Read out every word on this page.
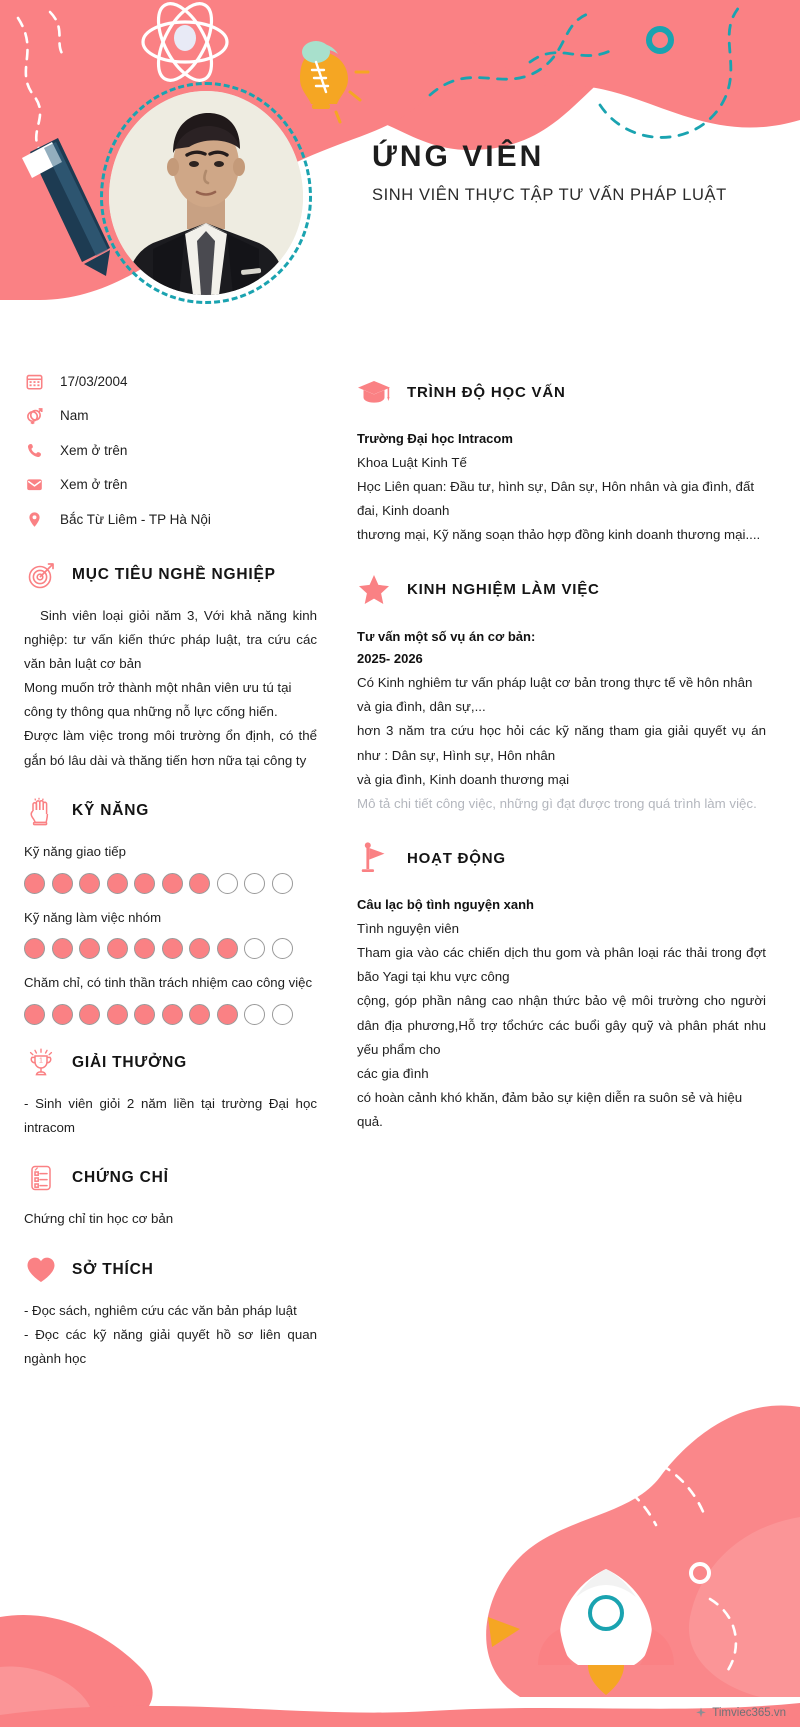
ỨNG VIÊN
SINH VIÊN THỰC TẬP TƯ VẤN PHÁP LUẬT
17/03/2004
Nam
Xem ở trên
Xem ở trên
Bắc Từ Liêm - TP Hà Nội
MỤC TIÊU NGHỀ NGHIỆP
Sinh viên loại giỏi năm 3, Với khả năng kinh nghiệp: tư vấn kiến thức pháp luật, tra cứu các văn bản luật cơ bản
Mong muốn trở thành một nhân viên ưu tú tại công ty thông qua những nỗ lực cống hiến.
Được làm việc trong môi trường ổn định, có thể gắn bó lâu dài và thăng tiến hơn nữa tại công ty
KỸ NĂNG
Kỹ năng giao tiếp
Kỹ năng làm việc nhóm
Chăm chỉ, có tinh thần trách nhiệm cao công việc
1 GIẢI THƯỞNG
- Sinh viên giỏi 2 năm liền tại trường Đại học intracom
CHỨNG CHỈ
Chứng chỉ tin học cơ bản
SỞ THÍCH
- Đọc sách, nghiêm cứu các văn bản pháp luật
- Đọc các kỹ năng giải quyết hồ sơ liên quan ngành học
TRÌNH ĐỘ HỌC VẤN
Trường Đại học Intracom
Khoa Luật Kinh Tế
Học Liên quan: Đầu tư, hình sự, Dân sự, Hôn nhân và gia đình, đất đai, Kinh doanh
thương mại, Kỹ năng soạn thảo hợp đồng kinh doanh thương mại....
KINH NGHIỆM LÀM VIỆC
Tư vấn một số vụ án cơ bản:
2025- 2026
Có Kinh nghiêm tư vấn pháp luật cơ bản trong thực tế về hôn nhân và gia đình, dân sự,...
hơn 3 năm tra cứu học hỏi các kỹ năng tham gia giải quyết vụ án như : Dân sự, Hình sự, Hôn nhân
và gia đình, Kinh doanh thương mại
Mô tả chi tiết công việc, những gì đạt được trong quá trình làm việc.
HOẠT ĐỘNG
Câu lạc bộ tình nguyện xanh
Tình nguyện viên
Tham gia vào các chiến dịch thu gom và phân loại rác thải trong đợt bão Yagi tại khu vực công
cộng, góp phần nâng cao nhận thức bảo vệ môi trường cho người dân địa phương,Hỗ trợ tổchức các buổi gây quỹ và phân phát nhu yếu phẩm cho
các gia đình
có hoàn cảnh khó khăn, đảm bảo sự kiện diễn ra suôn sẻ và hiệu quả.
Timviec365.vn
